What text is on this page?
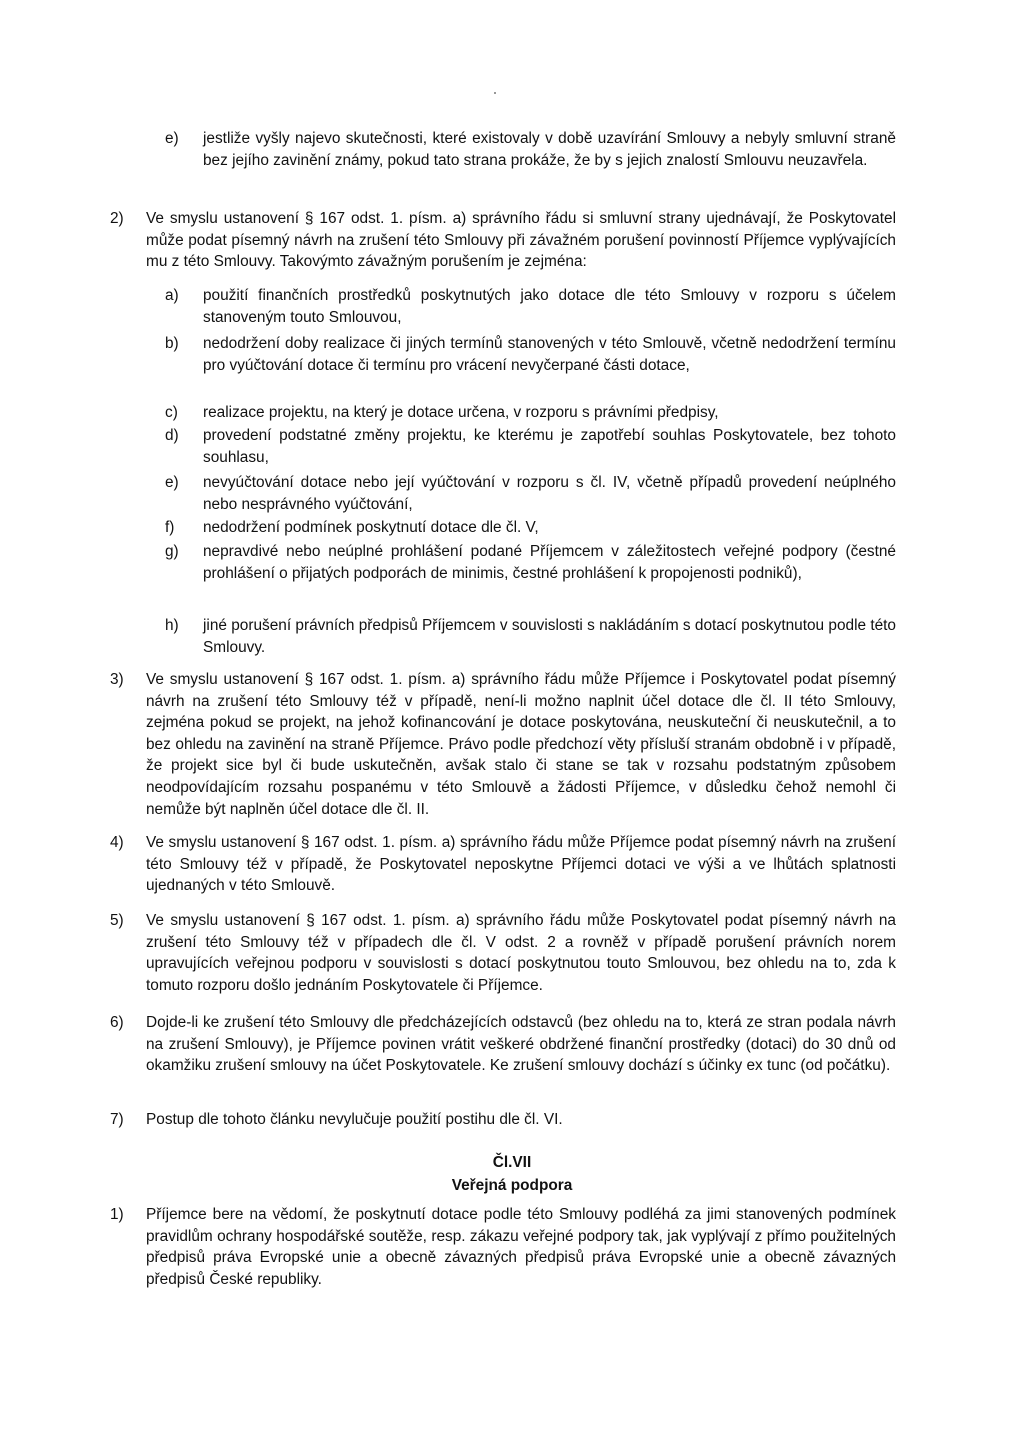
e)	jestliže vyšly najevo skutečnosti, které existovaly v době uzavírání Smlouvy a nebyly smluvní straně bez jejího zavinění známy, pokud tato strana prokáže, že by s jejich znalostí Smlouvu neuzavřela.
2)	Ve smyslu ustanovení § 167 odst. 1. písm. a) správního řádu si smluvní strany ujednávají, že Poskytovatel může podat písemný návrh na zrušení této Smlouvy při závažném porušení povinností Příjemce vyplývajících mu z této Smlouvy. Takovýmto závažným porušením je zejména:
a)	použití finančních prostředků poskytnutých jako dotace dle této Smlouvy v rozporu s účelem stanoveným touto Smlouvou,
b)	nedodržení doby realizace či jiných termínů stanovených v této Smlouvě, včetně nedodržení termínu pro vyúčtování dotace či termínu pro vrácení nevyčerpané části dotace,
c)	realizace projektu, na který je dotace určena, v rozporu s právními předpisy,
d)	provedení podstatné změny projektu, ke kterému je zapotřebí souhlas Poskytovatele, bez tohoto souhlasu,
e)	nevyúčtování dotace nebo její vyúčtování v rozporu s čl. IV, včetně případů provedení neúplného nebo nesprávného vyúčtování,
f)	nedodržení podmínek poskytnutí dotace dle čl. V,
g)	nepravdivé nebo neúplné prohlášení podané Příjemcem v záležitostech veřejné podpory (čestné prohlášení o přijatých podporách de minimis, čestné prohlášení k propojenosti podniků),
h)	jiné porušení právních předpisů Příjemcem v souvislosti s nakládáním s dotací poskytnutou podle této Smlouvy.
3)	Ve smyslu ustanovení § 167 odst. 1. písm. a) správního řádu může Příjemce i Poskytovatel podat písemný návrh na zrušení této Smlouvy též v případě, není-li možno naplnit účel dotace dle čl. II této Smlouvy, zejména pokud se projekt, na jehož kofinancování je dotace poskytována, neuskuteční či neuskutečnil, a to bez ohledu na zavinění na straně Příjemce. Právo podle předchozí věty přísluší stranám obdobně i v případě, že projekt sice byl či bude uskutečněn, avšak stalo či stane se tak v rozsahu podstatným způsobem neodpovídajícím rozsahu pospanému v této Smlouvě a žádosti Příjemce, v důsledku čehož nemohl či nemůže být naplněn účel dotace dle čl. II.
4)	Ve smyslu ustanovení § 167 odst. 1. písm. a) správního řádu může Příjemce podat písemný návrh na zrušení této Smlouvy též v případě, že Poskytovatel neposkytne Příjemci dotaci ve výši a ve lhůtách splatnosti ujednaných v této Smlouvě.
5)	Ve smyslu ustanovení § 167 odst. 1. písm. a) správního řádu může Poskytovatel podat písemný návrh na zrušení této Smlouvy též v případech dle čl. V odst. 2 a rovněž v případě porušení právních norem upravujících veřejnou podporu v souvislosti s dotací poskytnutou touto Smlouvou, bez ohledu na to, zda k tomuto rozporu došlo jednáním Poskytovatele či Příjemce.
6)	Dojde-li ke zrušení této Smlouvy dle předcházejících odstavců (bez ohledu na to, která ze stran podala návrh na zrušení Smlouvy), je Příjemce povinen vrátit veškeré obdržené finanční prostředky (dotaci) do 30 dnů od okamžiku zrušení smlouvy na účet Poskytovatele. Ke zrušení smlouvy dochází s účinky ex tunc (od počátku).
7)	Postup dle tohoto článku nevylučuje použití postihu dle čl. VI.
Čl.VII
Veřejná podpora
1)	Příjemce bere na vědomí, že poskytnutí dotace podle této Smlouvy podléhá za jimi stanovených podmínek pravidlům ochrany hospodářské soutěže, resp. zákazu veřejné podpory tak, jak vyplývají z přímo použitelných předpisů práva Evropské unie a obecně závazných předpisů práva Evropské unie a obecně závazných předpisů České republiky.
